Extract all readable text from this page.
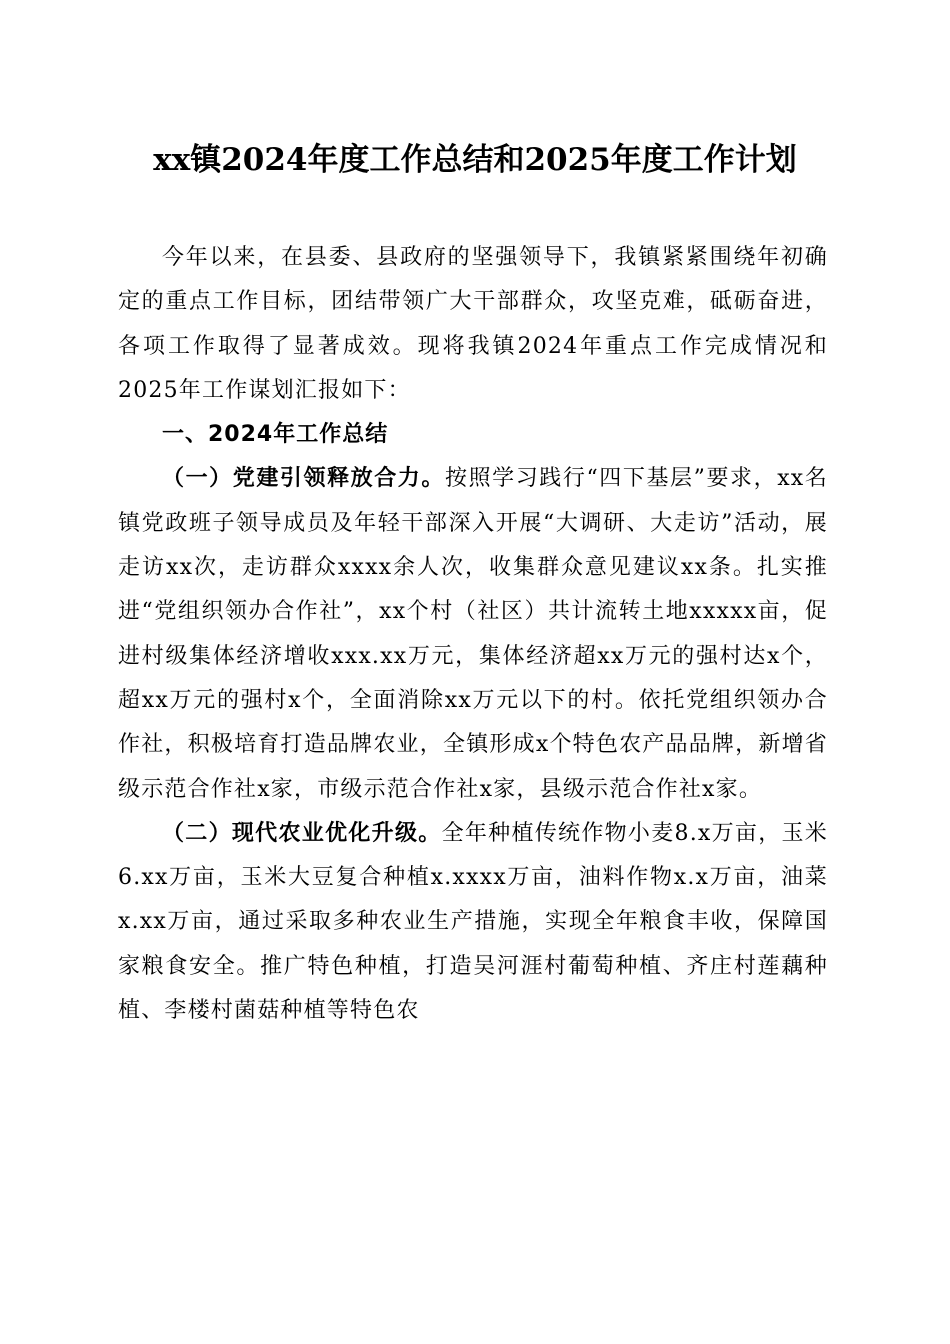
xx镇2024年度工作总结和2025年度工作计划

今年以来，在县委、县政府的坚强领导下，我镇紧紧围绕年初确定的重点工作目标，团结带领广大干部群众，攻坚克难，砥砺奋进，各项工作取得了显著成效。现将我镇2024年重点工作完成情况和2025年工作谋划汇报如下：

一、2024年工作总结

（一）党建引领释放合力。按照学习践行“四下基层”要求，xx名镇党政班子领导成员及年轻干部深入开展“大调研、大走访”活动，展走访xx次，走访群众xxxx余人次，收集群众意见建议xx条。扎实推进“党组织领办合作社”，xx个村（社区）共计流转土地xxxxx亩，促进村级集体经济增收xxx.xx万元，集体经济超xx万元的强村达x个，超xx万元的强村x个，全面消除xx万元以下的村。依托党组织领办合作社，积极培育打造品牌农业，全镇形成x个特色农产品品牌，新增省级示范合作社x家，市级示范合作社x家，县级示范合作社x家。

（二）现代农业优化升级。全年种植传统作物小麦8.x万亩，玉米6.xx万亩，玉米大豆复合种植x.xxxx万亩，油料作物x.x万亩，油菜x.xx万亩，通过采取多种农业生产措施，实现全年粮食丰收，保障国家粮食安全。推广特色种植，打造吴河涯村葡萄种植、齐庄村莲藕种植、李楼村菌菇种植等特色农
